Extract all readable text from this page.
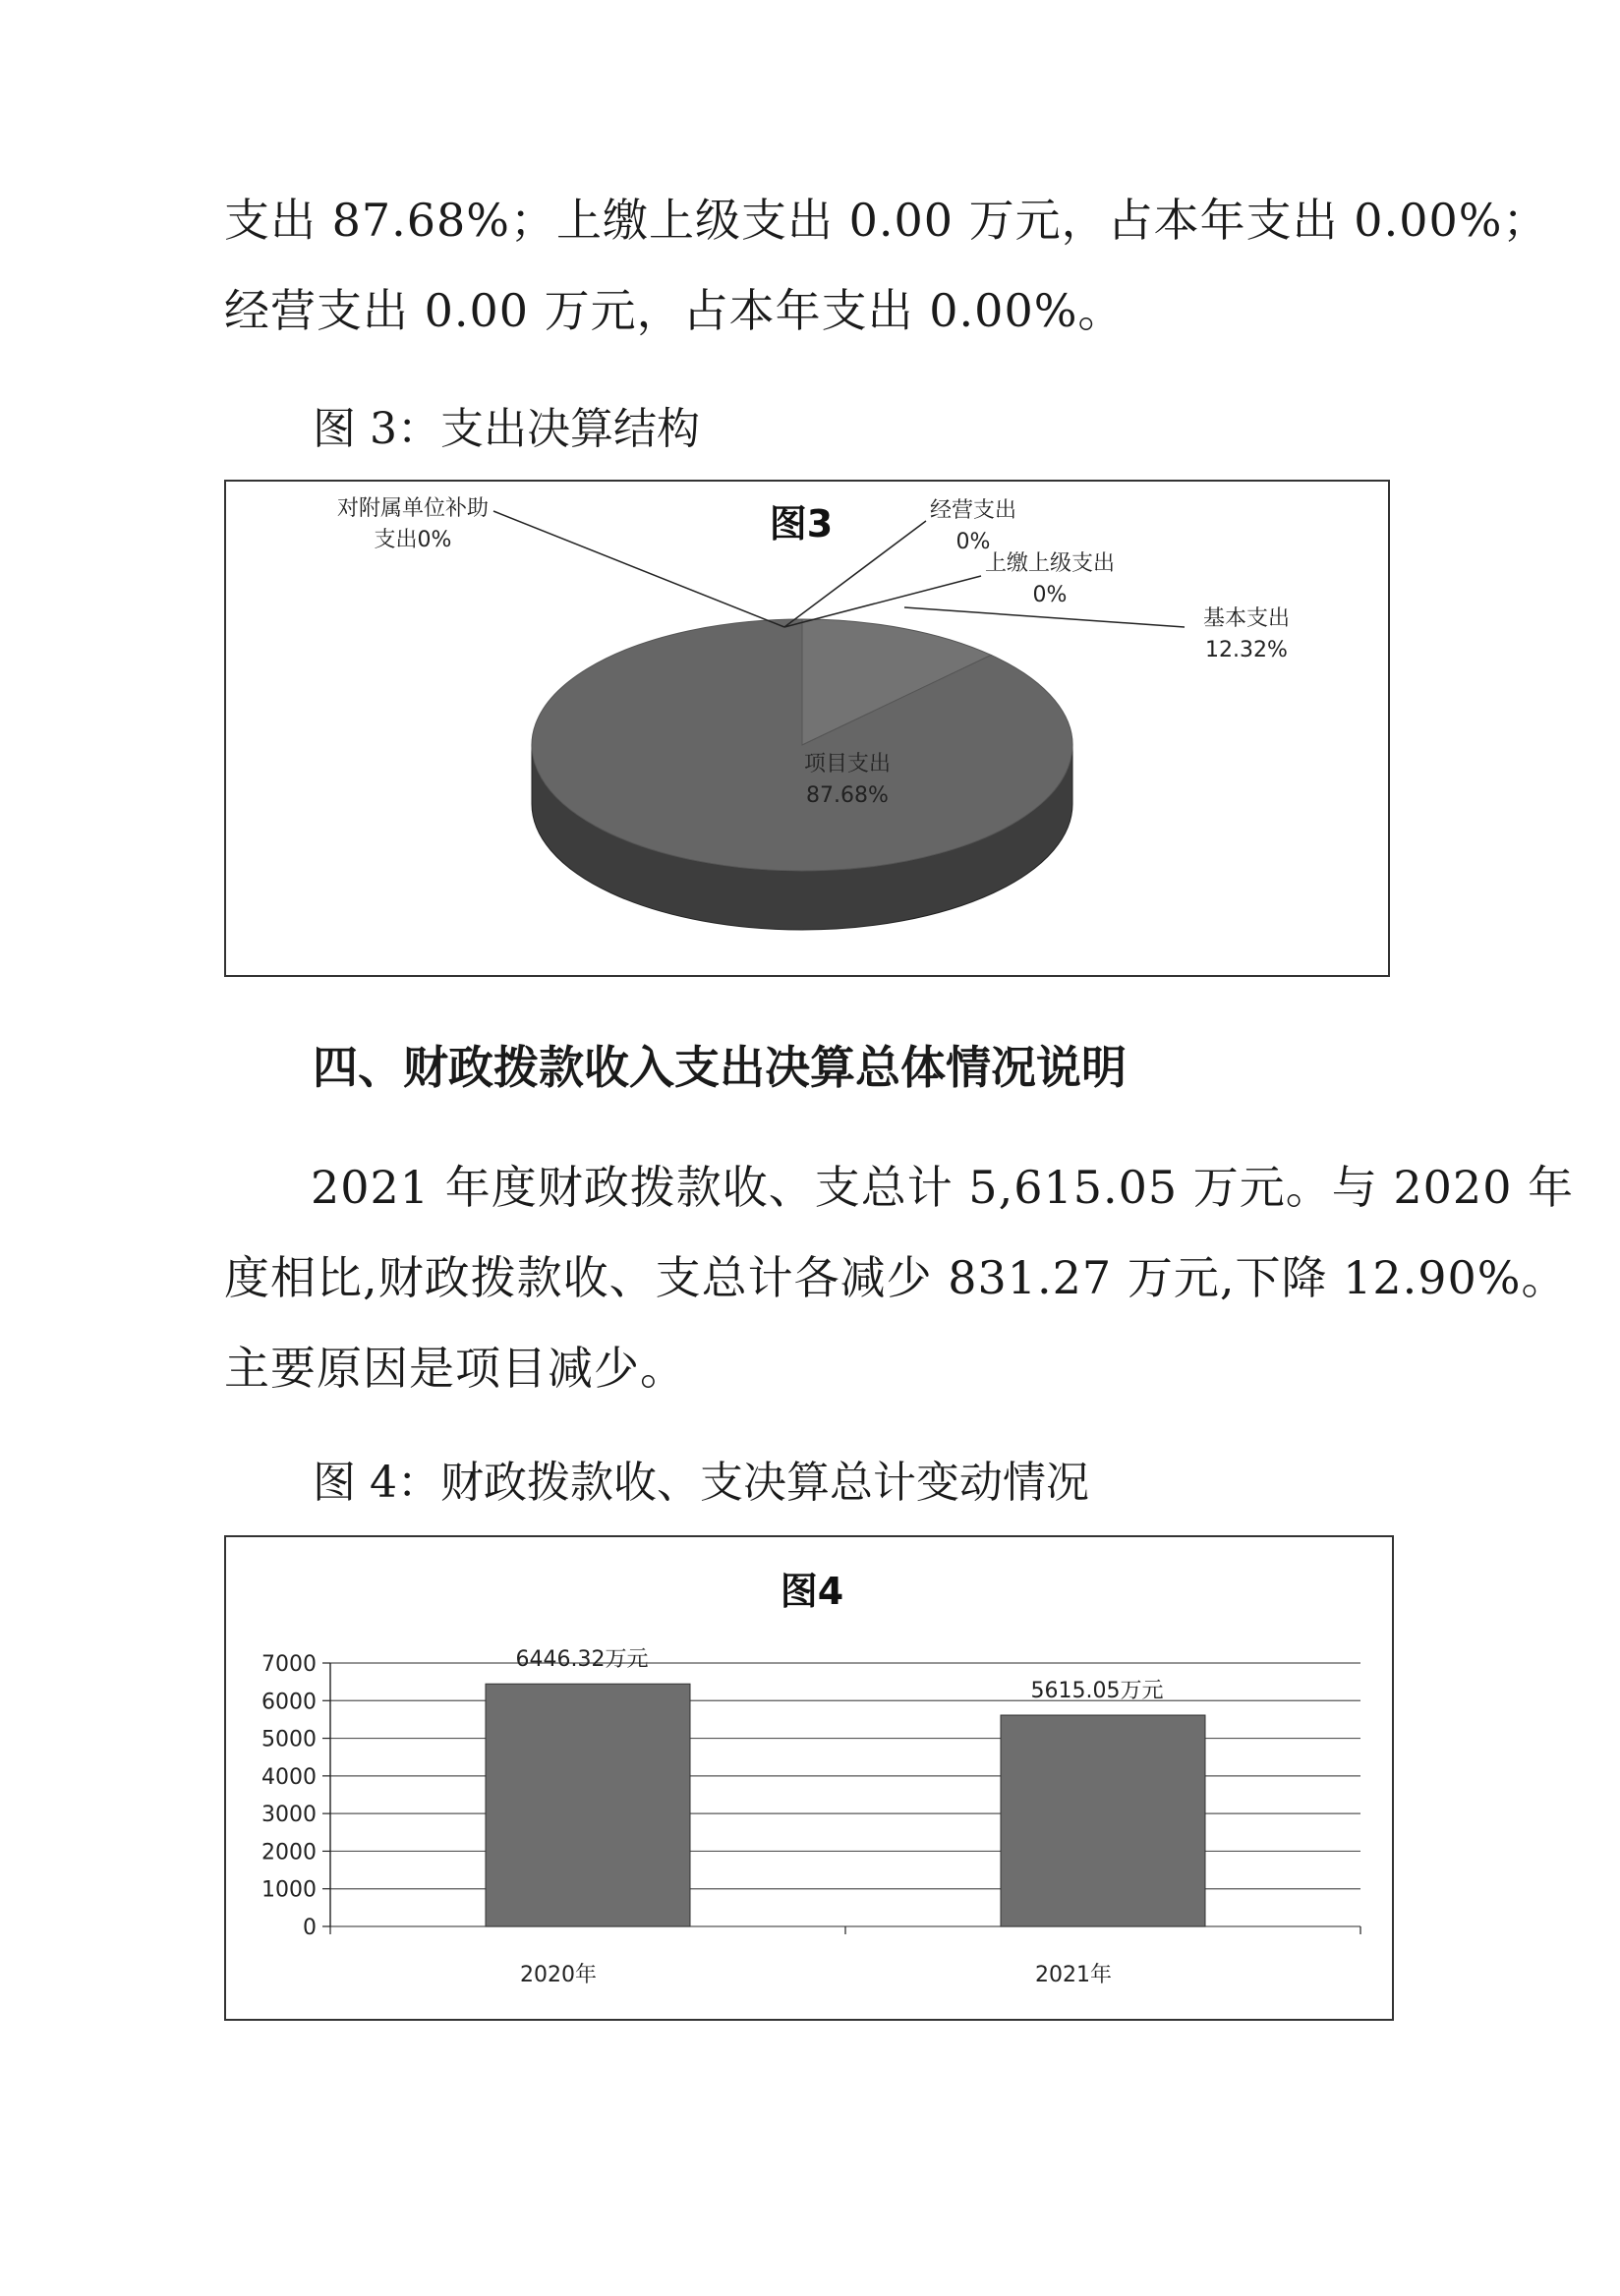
支出 87.68%；上缴上级支出 0.00 万元，占本年支出 0.00%；
经营支出 0.00 万元，占本年支出 0.00%。

图 3：支出决算结构

图3
对附属单位补助
支出0%
经营支出
0%
上缴上级支出
0%
基本支出
12.32%
项目支出
87.68%

四、财政拨款收入支出决算总体情况说明

2021 年度财政拨款收、支总计 5,615.05 万元。与 2020 年
度相比,财政拨款收、支总计各减少 831.27 万元,下降 12.90%。
主要原因是项目减少。

图 4：财政拨款收、支决算总计变动情况

图4
0
1000
2000
3000
4000
5000
6000
7000	6446.32万元
2020年
5615.05万元
2021年
